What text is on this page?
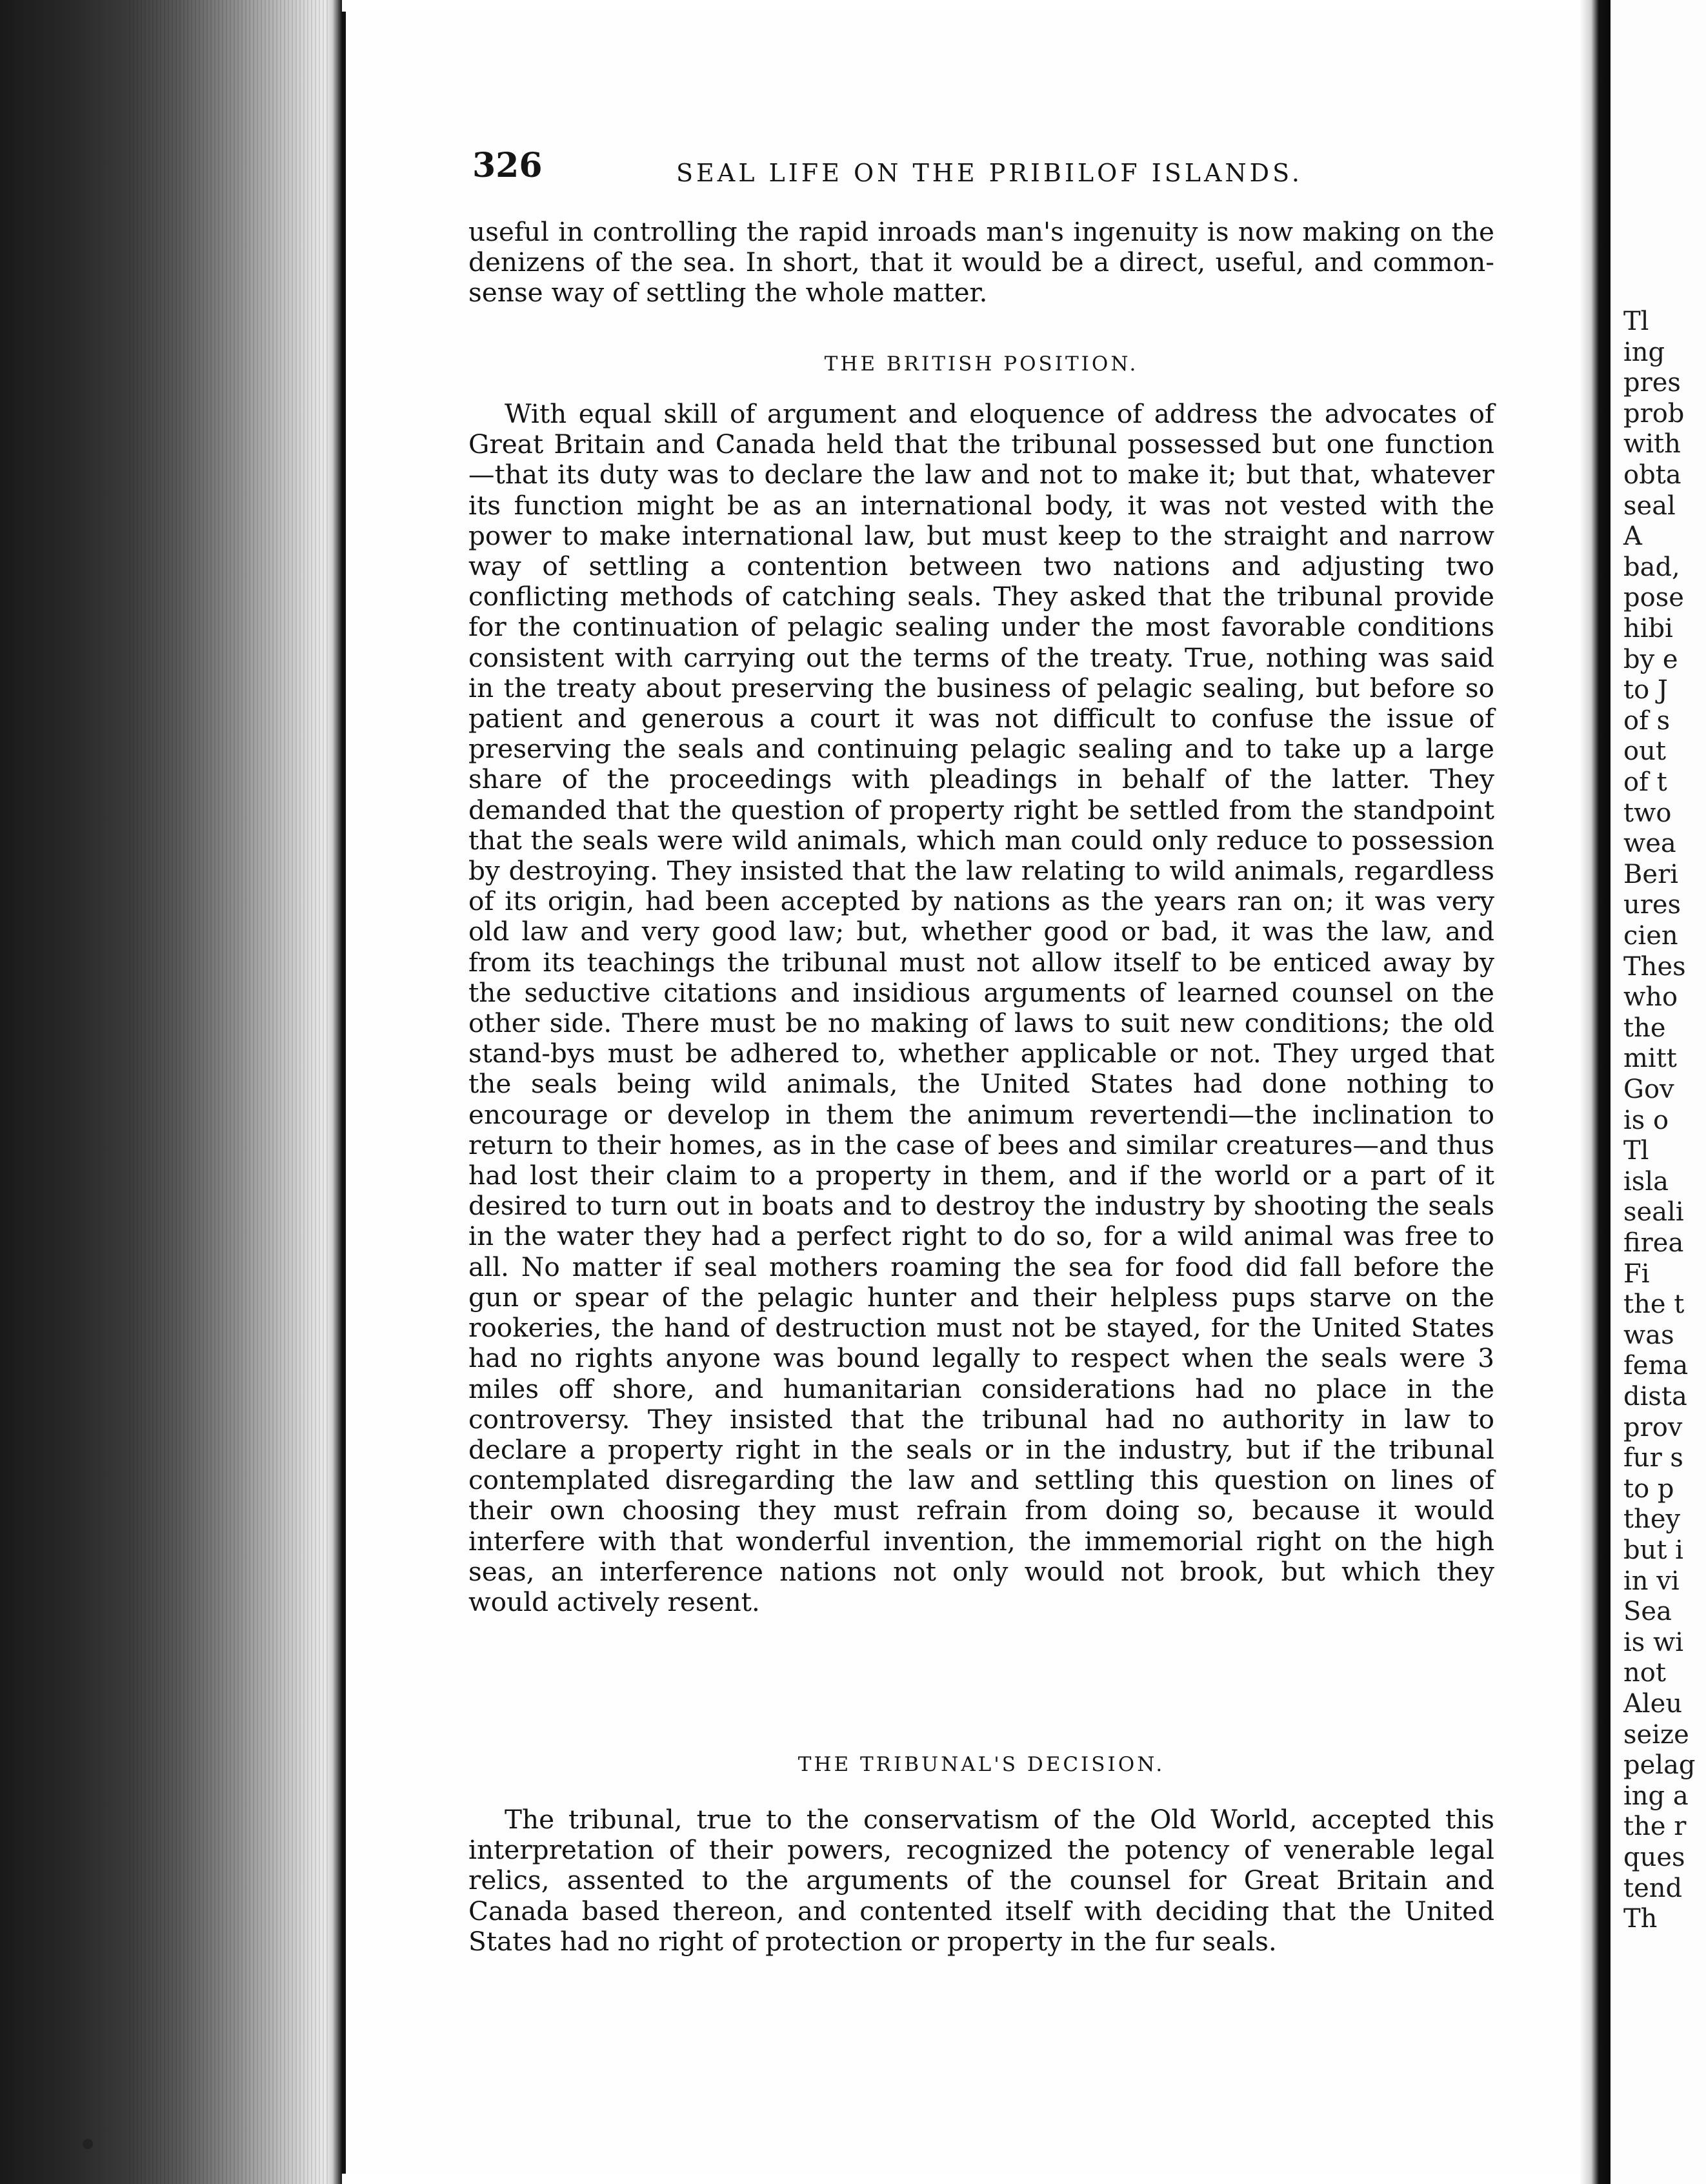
326	SEAL LIFE ON THE PRIBILOF ISLANDS.

useful in controlling the rapid inroads man's ingenuity is now making on the denizens of the sea. In short, that it would be a direct, useful, and common-sense way of settling the whole matter.

THE BRITISH POSITION.

With equal skill of argument and eloquence of address the advocates of Great Britain and Canada held that the tribunal possessed but one function—that its duty was to declare the law and not to make it; but that, whatever its function might be as an international body, it was not vested with the power to make international law, but must keep to the straight and narrow way of settling a contention between two nations and adjusting two conflicting methods of catching seals. They asked that the tribunal provide for the continuation of pelagic sealing under the most favorable conditions consistent with carrying out the terms of the treaty. True, nothing was said in the treaty about preserving the business of pelagic sealing, but before so patient and generous a court it was not difficult to confuse the issue of preserving the seals and continuing pelagic sealing and to take up a large share of the proceedings with pleadings in behalf of the latter. They demanded that the question of property right be settled from the standpoint that the seals were wild animals, which man could only reduce to possession by destroying. They insisted that the law relating to wild animals, regardless of its origin, had been accepted by nations as the years ran on; it was very old law and very good law; but, whether good or bad, it was the law, and from its teachings the tribunal must not allow itself to be enticed away by the seductive citations and insidious arguments of learned counsel on the other side. There must be no making of laws to suit new conditions; the old stand-bys must be adhered to, whether applicable or not. They urged that the seals being wild animals, the United States had done nothing to encourage or develop in them the animum revertendi—the inclination to return to their homes, as in the case of bees and similar creatures—and thus had lost their claim to a property in them, and if the world or a part of it desired to turn out in boats and to destroy the industry by shooting the seals in the water they had a perfect right to do so, for a wild animal was free to all. No matter if seal mothers roaming the sea for food did fall before the gun or spear of the pelagic hunter and their helpless pups starve on the rookeries, the hand of destruction must not be stayed, for the United States had no rights anyone was bound legally to respect when the seals were 3 miles off shore, and humanitarian considerations had no place in the controversy. They insisted that the tribunal had no authority in law to declare a property right in the seals or in the industry, but if the tribunal contemplated disregarding the law and settling this question on lines of their own choosing they must refrain from doing so, because it would interfere with that wonderful invention, the immemorial right on the high seas, an interference nations not only would not brook, but which they would actively resent.

THE TRIBUNAL'S DECISION.

The tribunal, true to the conservatism of the Old World, accepted this interpretation of their powers, recognized the potency of venerable legal relics, assented to the arguments of the counsel for Great Britain and Canada based thereon, and contented itself with deciding that the United States had no right of protection or property in the fur seals.

Tl
ing
pres
prob
with
obta
seal
A
bad,
pose
hibi
by e
to J
of s
out
of t
two
wea
Beri
ures
cien
Thes
who
the
mitt
Gov
is o
Tl
isla
seali
firea
Fi
the t
was
fema
dista
prov
fur s
to p
they
but i
in vi
Sea
is wi
not
Aleu
seize
pelag
ing a
the r
ques
tend
Th
